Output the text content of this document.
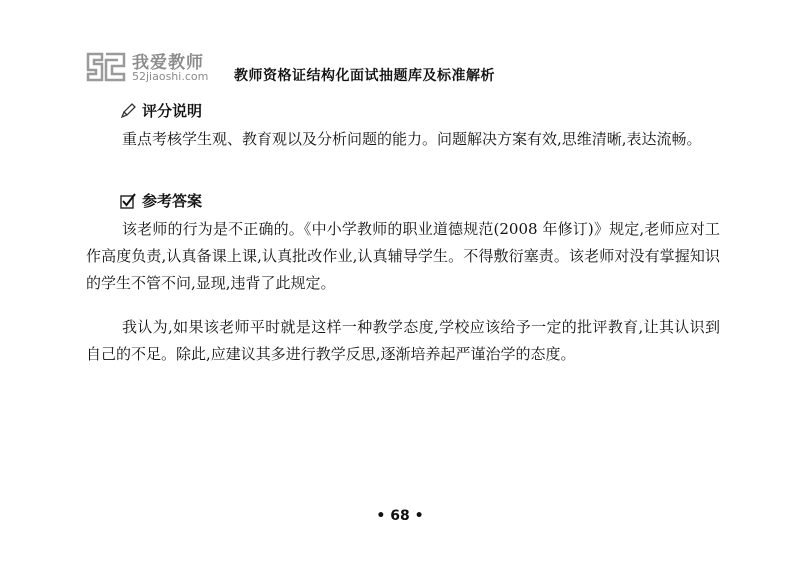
我爱教师
52jiaoshi.com 教师资格证结构化面试抽题库及标准解析
评分说明

重点考核学生观、教育观以及分析问题的能力。问题解决方案有效,思维清晰,表达流畅。

参考答案

该老师的行为是不正确的。《中小学教师的职业道德规范(2008 年修订)》规定,老师应对工作高度负责,认真备课上课,认真批改作业,认真辅导学生。不得敷衍塞责。该老师对没有掌握知识的学生不管不问,显现,违背了此规定。

我认为,如果该老师平时就是这样一种教学态度,学校应该给予一定的批评教育,让其认识到自己的不足。除此,应建议其多进行教学反思,逐渐培养起严谨治学的态度。

• 68 •
